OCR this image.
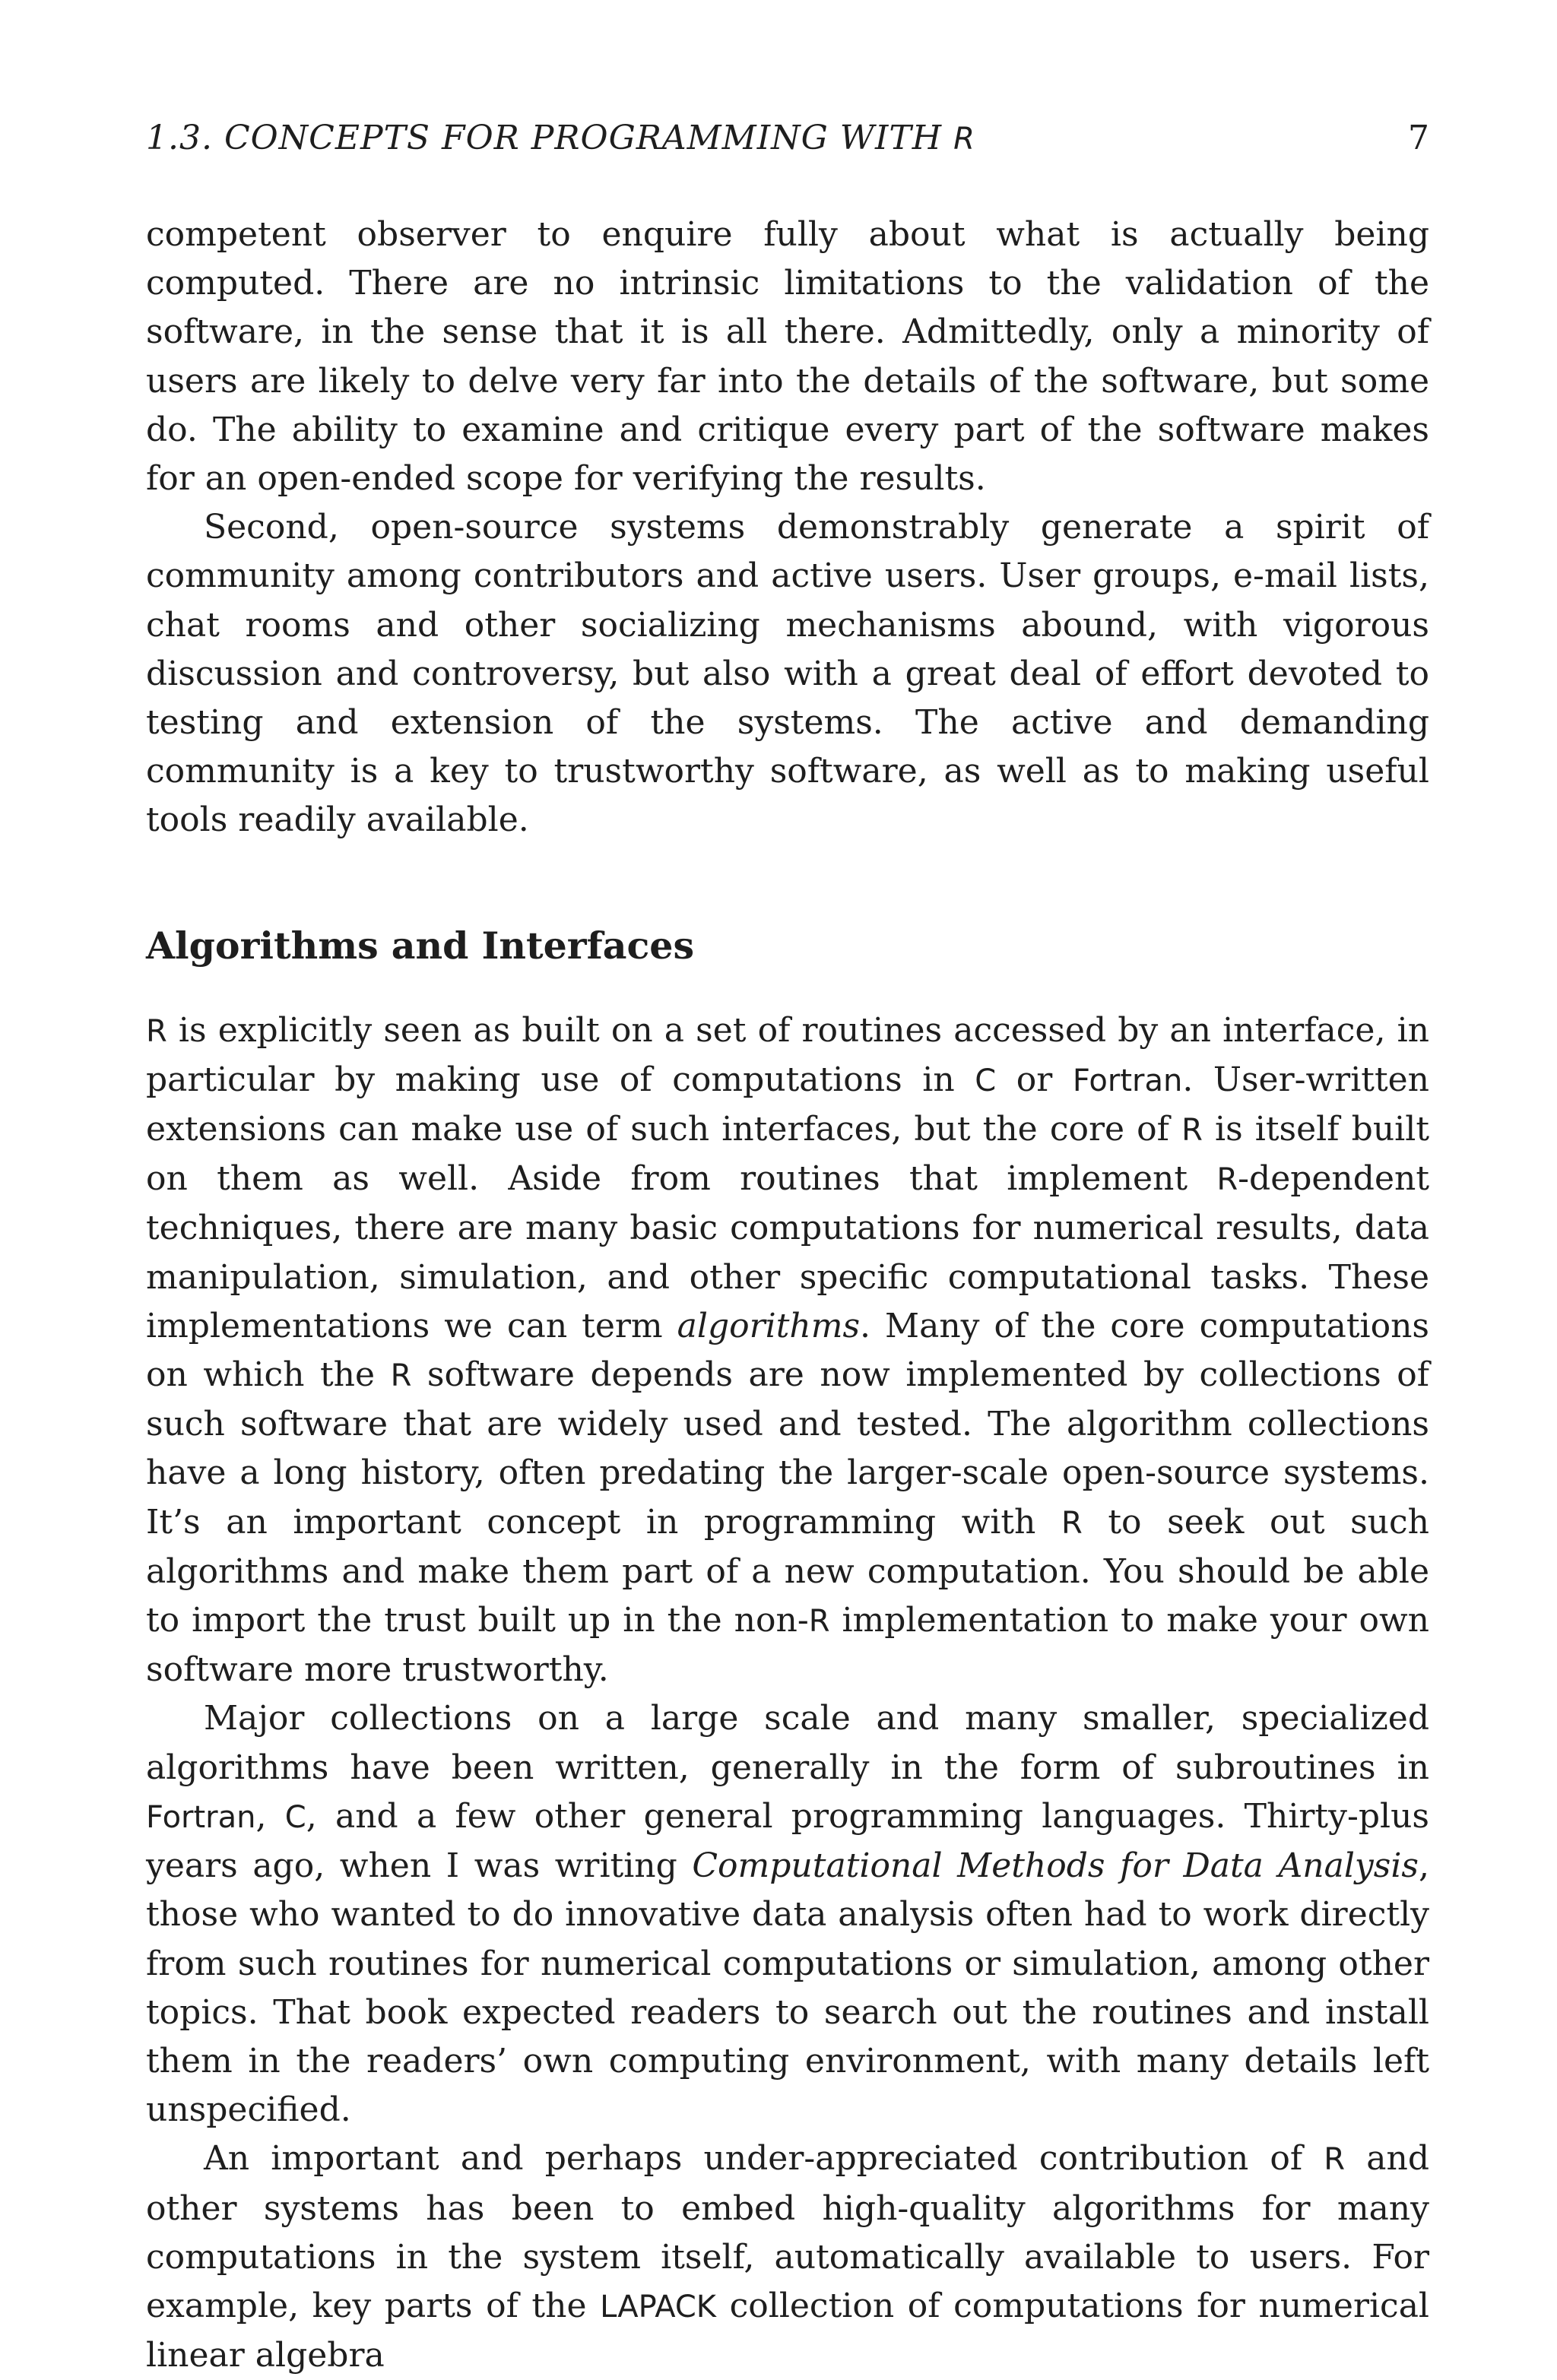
1.3. CONCEPTS FOR PROGRAMMING WITH R	7

competent observer to enquire fully about what is actually being computed. There are no intrinsic limitations to the validation of the software, in the sense that it is all there. Admittedly, only a minority of users are likely to delve very far into the details of the software, but some do. The ability to examine and critique every part of the software makes for an open-ended scope for verifying the results.

Second, open-source systems demonstrably generate a spirit of community among contributors and active users. User groups, e-mail lists, chat rooms and other socializing mechanisms abound, with vigorous discussion and controversy, but also with a great deal of effort devoted to testing and extension of the systems. The active and demanding community is a key to trustworthy software, as well as to making useful tools readily available.

Algorithms and Interfaces

R is explicitly seen as built on a set of routines accessed by an interface, in particular by making use of computations in C or Fortran. User-written extensions can make use of such interfaces, but the core of R is itself built on them as well. Aside from routines that implement R-dependent techniques, there are many basic computations for numerical results, data manipulation, simulation, and other specific computational tasks. These implementations we can term algorithms. Many of the core computations on which the R software depends are now implemented by collections of such software that are widely used and tested. The algorithm collections have a long history, often predating the larger-scale open-source systems. It’s an important concept in programming with R to seek out such algorithms and make them part of a new computation. You should be able to import the trust built up in the non-R implementation to make your own software more trustworthy.

Major collections on a large scale and many smaller, specialized algorithms have been written, generally in the form of subroutines in Fortran, C, and a few other general programming languages. Thirty-plus years ago, when I was writing Computational Methods for Data Analysis, those who wanted to do innovative data analysis often had to work directly from such routines for numerical computations or simulation, among other topics. That book expected readers to search out the routines and install them in the readers’ own computing environment, with many details left unspecified.

An important and perhaps under-appreciated contribution of R and other systems has been to embed high-quality algorithms for many computations in the system itself, automatically available to users. For example, key parts of the LAPACK collection of computations for numerical linear algebra
